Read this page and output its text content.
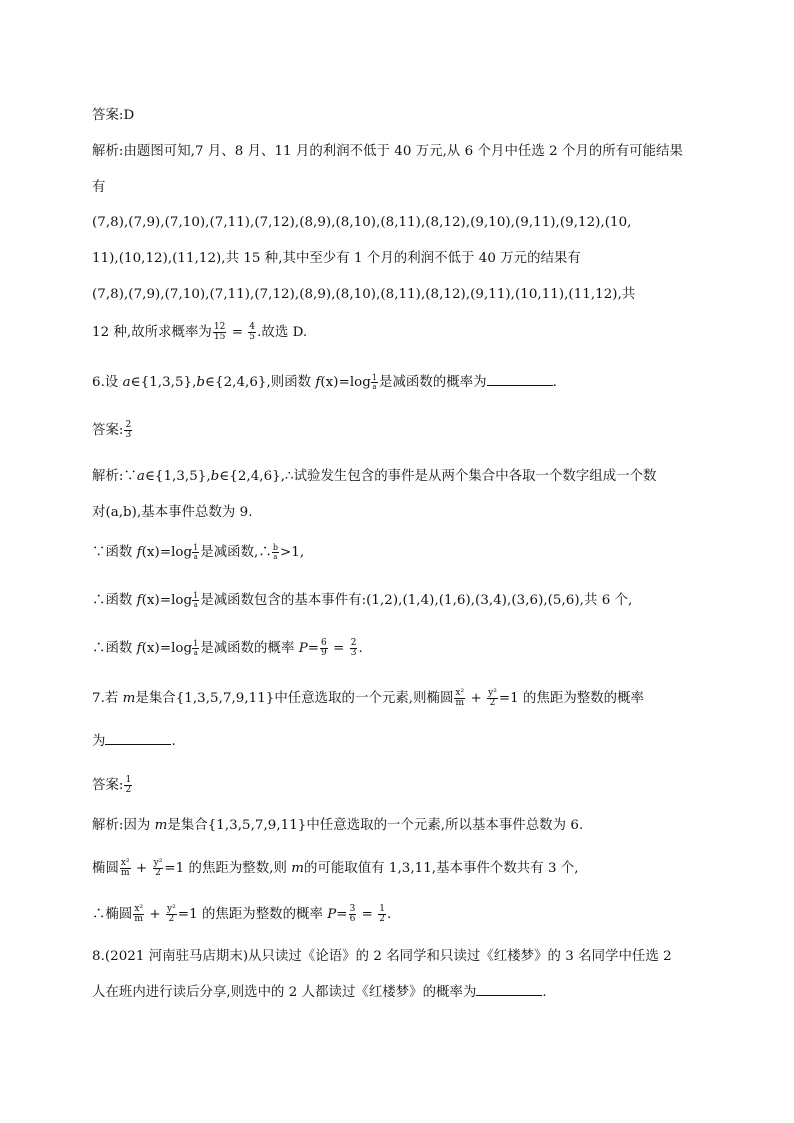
答案:D
解析:由题图可知,7 月、8 月、11 月的利润不低于 40 万元,从 6 个月中任选 2 个月的所有可能结果
有
(7,8),(7,9),(7,10),(7,11),(7,12),(8,9),(8,10),(8,11),(8,12),(9,10),(9,11),(9,12),(10,
11),(10,12),(11,12),共 15 种,其中至少有 1 个月的利润不低于 40 万元的结果有
(7,8),(7,9),(7,10),(7,11),(7,12),(8,9),(8,10),(8,11),(8,12),(9,11),(10,11),(11,12),共
12 种,故所求概率为 $\frac{12}{15} = \frac{4}{5}$ .故选 D.
6.设 a∈{1,3,5},b∈{2,4,6},则函数 $f(x)=\log \frac{1}{a}$ 是减函数的概率为	.
答案: $\frac{2}{3}$
解析:∵a∈{1,3,5},b∈{2,4,6},∴试验发生包含的事件是从两个集合中各取一个数字组成一个数
对(a,b),基本事件总数为 9.
∵函数 $f(x)=\log \frac{1}{a}$ 是减函数,∴ $\frac{b}{a} >1$,
∴函数 $f(x)=\log \frac{1}{a}$ 是减函数包含的基本事件有:(1,2),(1,4),(1,6),(3,4),(3,6),(5,6),共 6 个,
∴函数 $f(x)=\log \frac{1}{a}$ 是减函数的概率 $P= \frac{6}{9} = \frac{2}{3}$ .
7.若 m是集合{1,3,5,7,9,11}中任意选取的一个元素,则椭圆 $\frac{\text{x²}}{m} + \frac{\text{y²}}{2} =1$ 的焦距为整数的概率
为	.
答案: $\frac{1}{2}$
解析:因为 m是集合{1,3,5,7,9,11}中任意选取的一个元素,所以基本事件总数为 6.
椭圆 $\frac{\text{x²}}{m} + \frac{\text{y²}}{2} =1$ 的焦距为整数,则 m的可能取值有 1,3,11,基本事件个数共有 3 个,
∴椭圆 $\frac{\text{x²}}{m} + \frac{\text{y²}}{2} =1$ 的焦距为整数的概率 $P= \frac{3}{6} = \frac{1}{2}$ .
8.(2021 河南驻马店期末)从只读过《论语》的 2 名同学和只读过《红楼梦》的 3 名同学中任选 2
人在班内进行读后分享,则选中的 2 人都读过《红楼梦》的概率为	.
